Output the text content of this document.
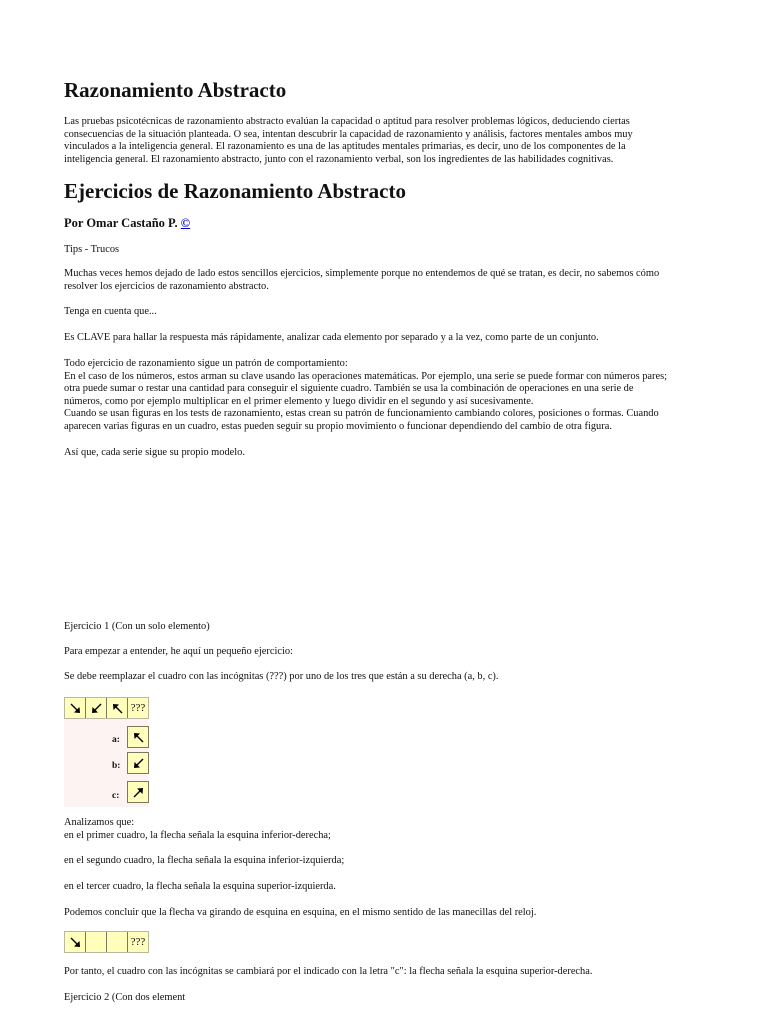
Razonamiento Abstracto
Las pruebas psicotécnicas de razonamiento abstracto evalúan la capacidad o aptitud para resolver problemas lógicos, deduciendo ciertas
consecuencias de la situación planteada. O sea, intentan descubrir la capacidad de razonamiento y análisis, factores mentales ambos muy
vinculados a la inteligencia general. El razonamiento es una de las aptitudes mentales primarias, es decir, uno de los componentes de la
inteligencia general. El razonamiento abstracto, junto con el razonamiento verbal, son los ingredientes de las habilidades cognitivas.
Ejercicios de Razonamiento Abstracto
Por Omar Castaño P. ©
Tips - Trucos
Muchas veces hemos dejado de lado estos sencillos ejercicios, simplemente porque no entendemos de qué se tratan, es decir, no sabemos cómo
resolver los ejercicios de razonamiento abstracto.
Tenga en cuenta que...
Es CLAVE para hallar la respuesta más rápidamente, analizar cada elemento por separado y a la vez, como parte de un conjunto.
Todo ejercicio de razonamiento sigue un patrón de comportamiento:
En el caso de los números, estos arman su clave usando las operaciones matemáticas. Por ejemplo, una serie se puede formar con números pares;
otra puede sumar o restar una cantidad para conseguir el siguiente cuadro. También se usa la combinación de operaciones en una serie de
números, como por ejemplo multiplicar en el primer elemento y luego dividir en el segundo y así sucesivamente.
Cuando se usan figuras en los tests de razonamiento, estas crean su patrón de funcionamiento cambiando colores, posiciones o formas. Cuando
aparecen varias figuras en un cuadro, estas pueden seguir su propio movimiento o funcionar dependiendo del cambio de otra figura.
Así que, cada serie sigue su propio modelo.
Ejercicio 1 (Con un solo elemento)
Para empezar a entender, he aquí un pequeño ejercicio:
Se debe reemplazar el cuadro con las incógnitas (???) por uno de los tres que están a su derecha (a, b, c).
???
a:
b:
c:
Analizamos que:
en el primer cuadro, la flecha señala la esquina inferior-derecha;
en el segundo cuadro, la flecha señala la esquina inferior-izquierda;
en el tercer cuadro, la flecha señala la esquina superior-izquierda.
Podemos concluir que la flecha va girando de esquina en esquina, en el mismo sentido de las manecillas del reloj.
???
Por tanto, el cuadro con las incógnitas se cambiará por el indicado con la letra "c": la flecha señala la esquina superior-derecha.
Ejercicio 2 (Con dos element
